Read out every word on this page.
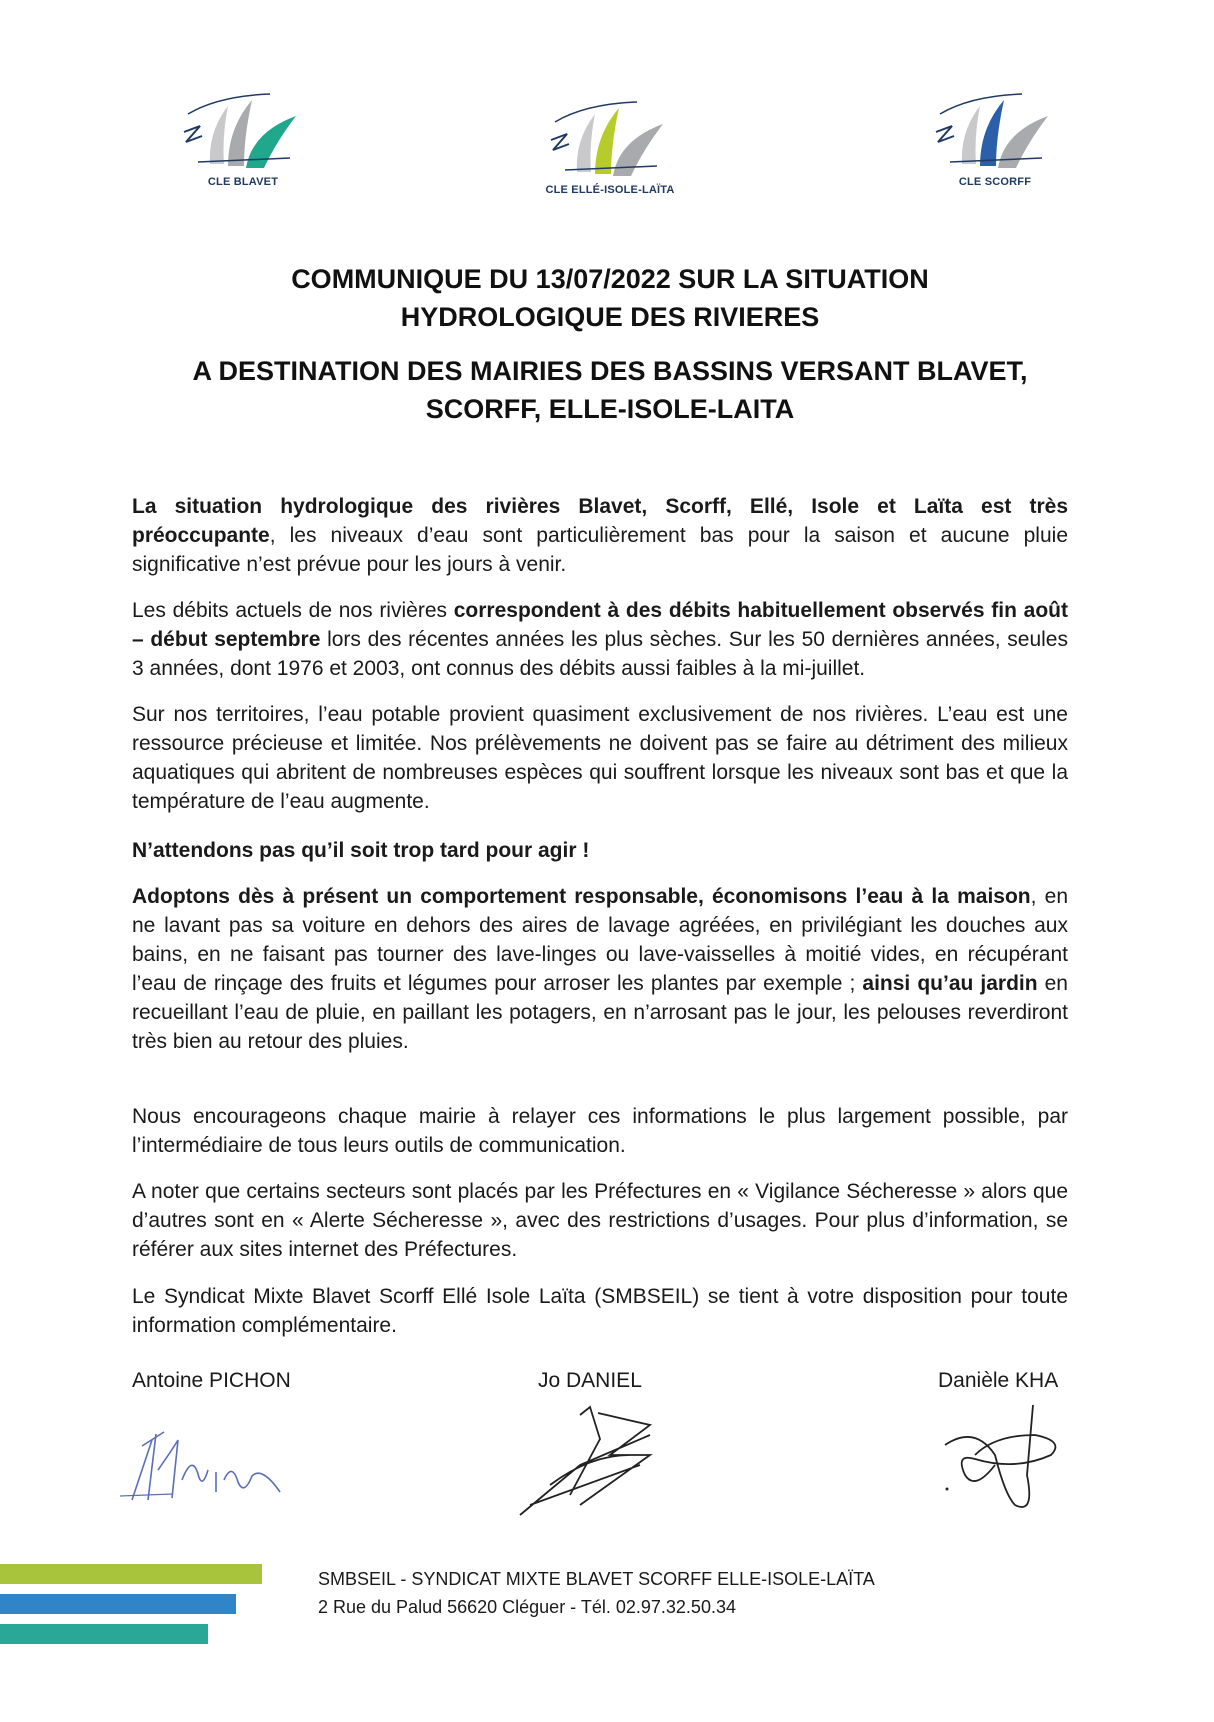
CLE BLAVET
CLE ELLÉ-ISOLE-LAÏTA
CLE SCORFF
COMMUNIQUE DU 13/07/2022 SUR LA SITUATION
HYDROLOGIQUE DES RIVIERES
A DESTINATION DES MAIRIES DES BASSINS VERSANT BLAVET,
SCORFF, ELLE-ISOLE-LAITA

La situation hydrologique des rivières Blavet, Scorff, Ellé, Isole et Laïta est très préoccupante, les niveaux d’eau sont particulièrement bas pour la saison et aucune pluie significative n’est prévue pour les jours à venir.

Les débits actuels de nos rivières correspondent à des débits habituellement observés fin août – début septembre lors des récentes années les plus sèches. Sur les 50 dernières années, seules 3 années, dont 1976 et 2003, ont connus des débits aussi faibles à la mi-juillet.

Sur nos territoires, l’eau potable provient quasiment exclusivement de nos rivières. L’eau est une ressource précieuse et limitée. Nos prélèvements ne doivent pas se faire au détriment des milieux aquatiques qui abritent de nombreuses espèces qui souffrent lorsque les niveaux sont bas et que la température de l’eau augmente.

N’attendons pas qu’il soit trop tard pour agir !

Adoptons dès à présent un comportement responsable, économisons l’eau à la maison, en ne lavant pas sa voiture en dehors des aires de lavage agréées, en privilégiant les douches aux bains, en ne faisant pas tourner des lave-linges ou lave-vaisselles à moitié vides, en récupérant l’eau de rinçage des fruits et légumes pour arroser les plantes par exemple ; ainsi qu’au jardin en recueillant l’eau de pluie, en paillant les potagers, en n’arrosant pas le jour, les pelouses reverdiront très bien au retour des pluies.

Nous encourageons chaque mairie à relayer ces informations le plus largement possible, par l’intermédiaire de tous leurs outils de communication.

A noter que certains secteurs sont placés par les Préfectures en « Vigilance Sécheresse » alors que d’autres sont en « Alerte Sécheresse », avec des restrictions d’usages. Pour plus d’information, se référer aux sites internet des Préfectures.

Le Syndicat Mixte Blavet Scorff Ellé Isole Laïta (SMBSEIL) se tient à votre disposition pour toute information complémentaire.

Antoine PICHON	Jo DANIEL	Danièle KHA
SMBSEIL - SYNDICAT MIXTE BLAVET SCORFF ELLE-ISOLE-LAÏTA
2 Rue du Palud 56620 Cléguer - Tél. 02.97.32.50.34
